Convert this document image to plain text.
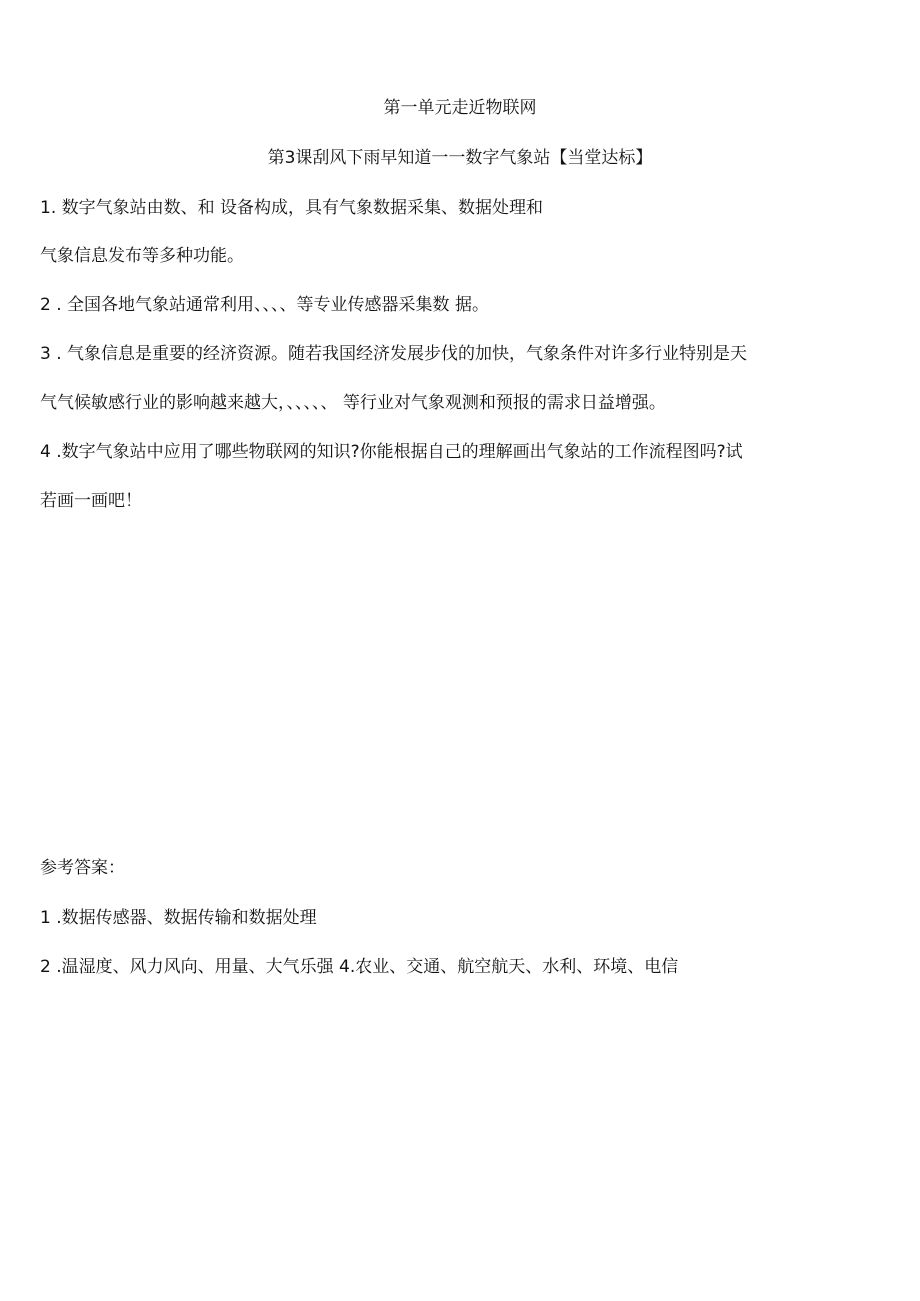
第一单元走近物联网
第3课刮风下雨早知道一一数字气象站【当堂达标】
1. 数字气象站由数、和 设备构成，具有气象数据采集、数据处理和
气象信息发布等多种功能。
2 . 全国各地气象站通常利用、、、、等专业传感器采集数 据。
3 . 气象信息是重要的经济资源。随若我国经济发展步伐的加快，气象条件对许多行业特别是天
气气候敏感行业的影响越来越大，、、、、、 等行业对气象观测和预报的需求日益增强。
4 .数字气象站中应用了哪些物联网的知识?你能根据自己的理解画出气象站的工作流程图吗?试
若画一画吧！
参考答案：
1 .数据传感器、数据传输和数据处理
2 .温湿度、风力风向、用量、大气乐强 4.农业、交通、航空航天、水利、环境、电信
